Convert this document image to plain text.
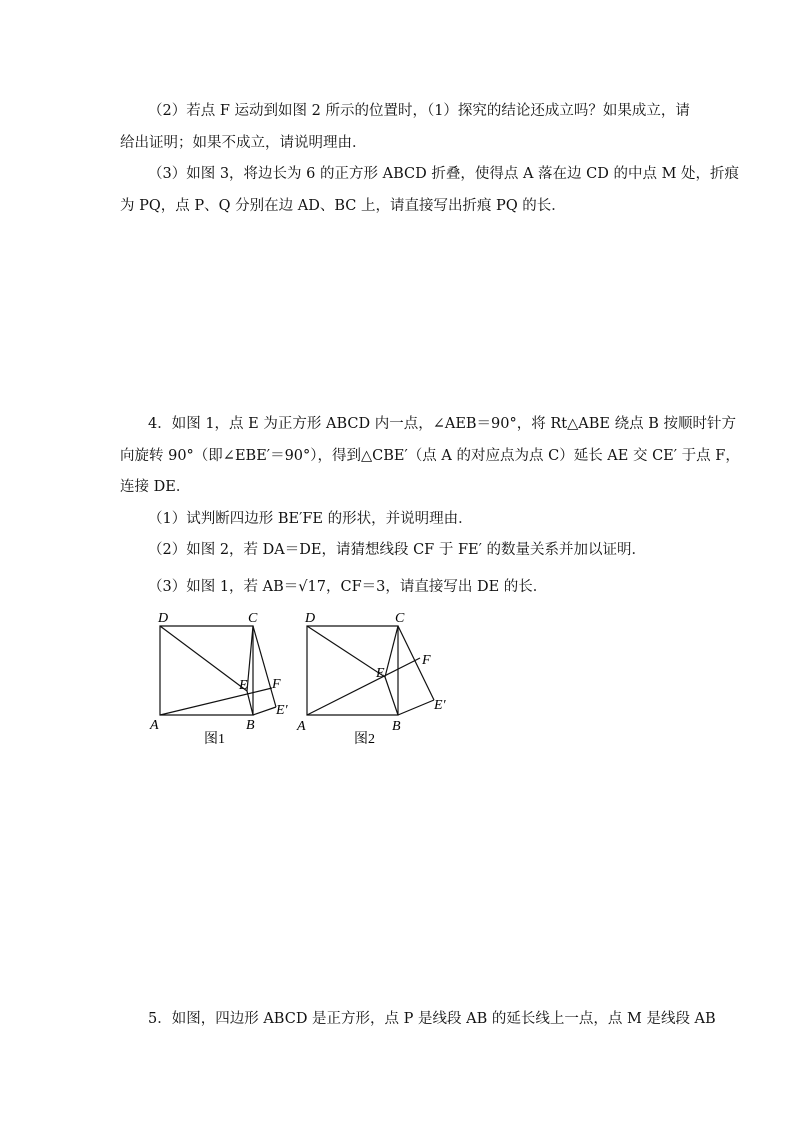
（2）若点 F 运动到如图 2 所示的位置时，（1）探究的结论还成立吗？如果成立，请
给出证明；如果不成立，请说明理由．
（3）如图 3，将边长为 6 的正方形 ABCD 折叠，使得点 A 落在边 CD 的中点 M 处，折痕
为 PQ，点 P、Q 分别在边 AD、BC 上，请直接写出折痕 PQ 的长．
4．如图 1，点 E 为正方形 ABCD 内一点，∠AEB＝90°，将 Rt△ABE 绕点 B 按顺时针方
向旋转 90°（即∠EBE′＝90°），得到△CBE′（点 A 的对应点为点 C）延长 AE 交 CE′ 于点 F，
连接 DE．
（1）试判断四边形 BE′FE 的形状，并说明理由．
（2）如图 2，若 DA＝DE，请猜想线段 CF 于 FE′ 的数量关系并加以证明．
（3）如图 1，若 AB＝√17，CF＝3，请直接写出 DE 的长．
D	C
E F
E′
A	B
图1
D	C
E
F
E′
A	B
图2
5．如图，四边形 ABCD 是正方形，点 P 是线段 AB 的延长线上一点，点 M 是线段 AB
